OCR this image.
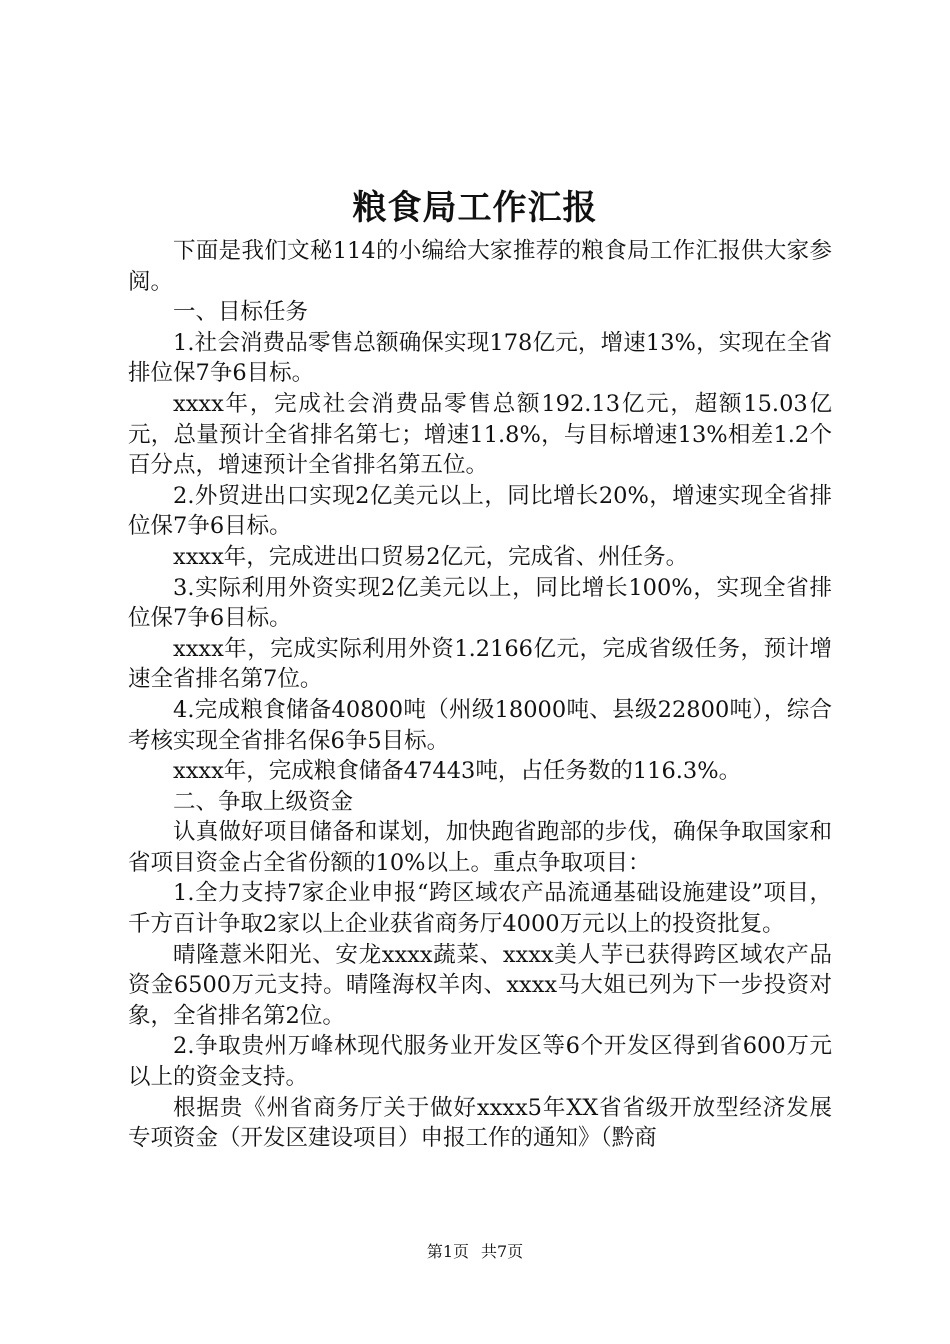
粮食局工作汇报

下面是我们文秘114的小编给大家推荐的粮食局工作汇报供大家参阅。

一、目标任务

1.社会消费品零售总额确保实现178亿元，增速13%，实现在全省排位保7争6目标。

xxxx年，完成社会消费品零售总额192.13亿元，超额15.03亿元，总量预计全省排名第七；增速11.8%，与目标增速13%相差1.2个百分点，增速预计全省排名第五位。

2.外贸进出口实现2亿美元以上，同比增长20%，增速实现全省排位保7争6目标。

xxxx年，完成进出口贸易2亿元，完成省、州任务。

3.实际利用外资实现2亿美元以上，同比增长100%，实现全省排位保7争6目标。

xxxx年，完成实际利用外资1.2166亿元，完成省级任务，预计增速全省排名第7位。

4.完成粮食储备40800吨（州级18000吨、县级22800吨），综合考核实现全省排名保6争5目标。

xxxx年，完成粮食储备47443吨，占任务数的116.3%。

二、争取上级资金

认真做好项目储备和谋划，加快跑省跑部的步伐，确保争取国家和省项目资金占全省份额的10%以上。重点争取项目：

1.全力支持7家企业申报“跨区域农产品流通基础设施建设”项目，千方百计争取2家以上企业获省商务厅4000万元以上的投资批复。

晴隆薏米阳光、安龙xxxx蔬菜、xxxx美人芋已获得跨区域农产品资金6500万元支持。晴隆海权羊肉、xxxx马大姐已列为下一步投资对象，全省排名第2位。

2.争取贵州万峰林现代服务业开发区等6个开发区得到省600万元以上的资金支持。

根据贵《州省商务厅关于做好xxxx5年XX省省级开放型经济发展专项资金（开发区建设项目）申报工作的通知》（黔商

第1页 共7页
